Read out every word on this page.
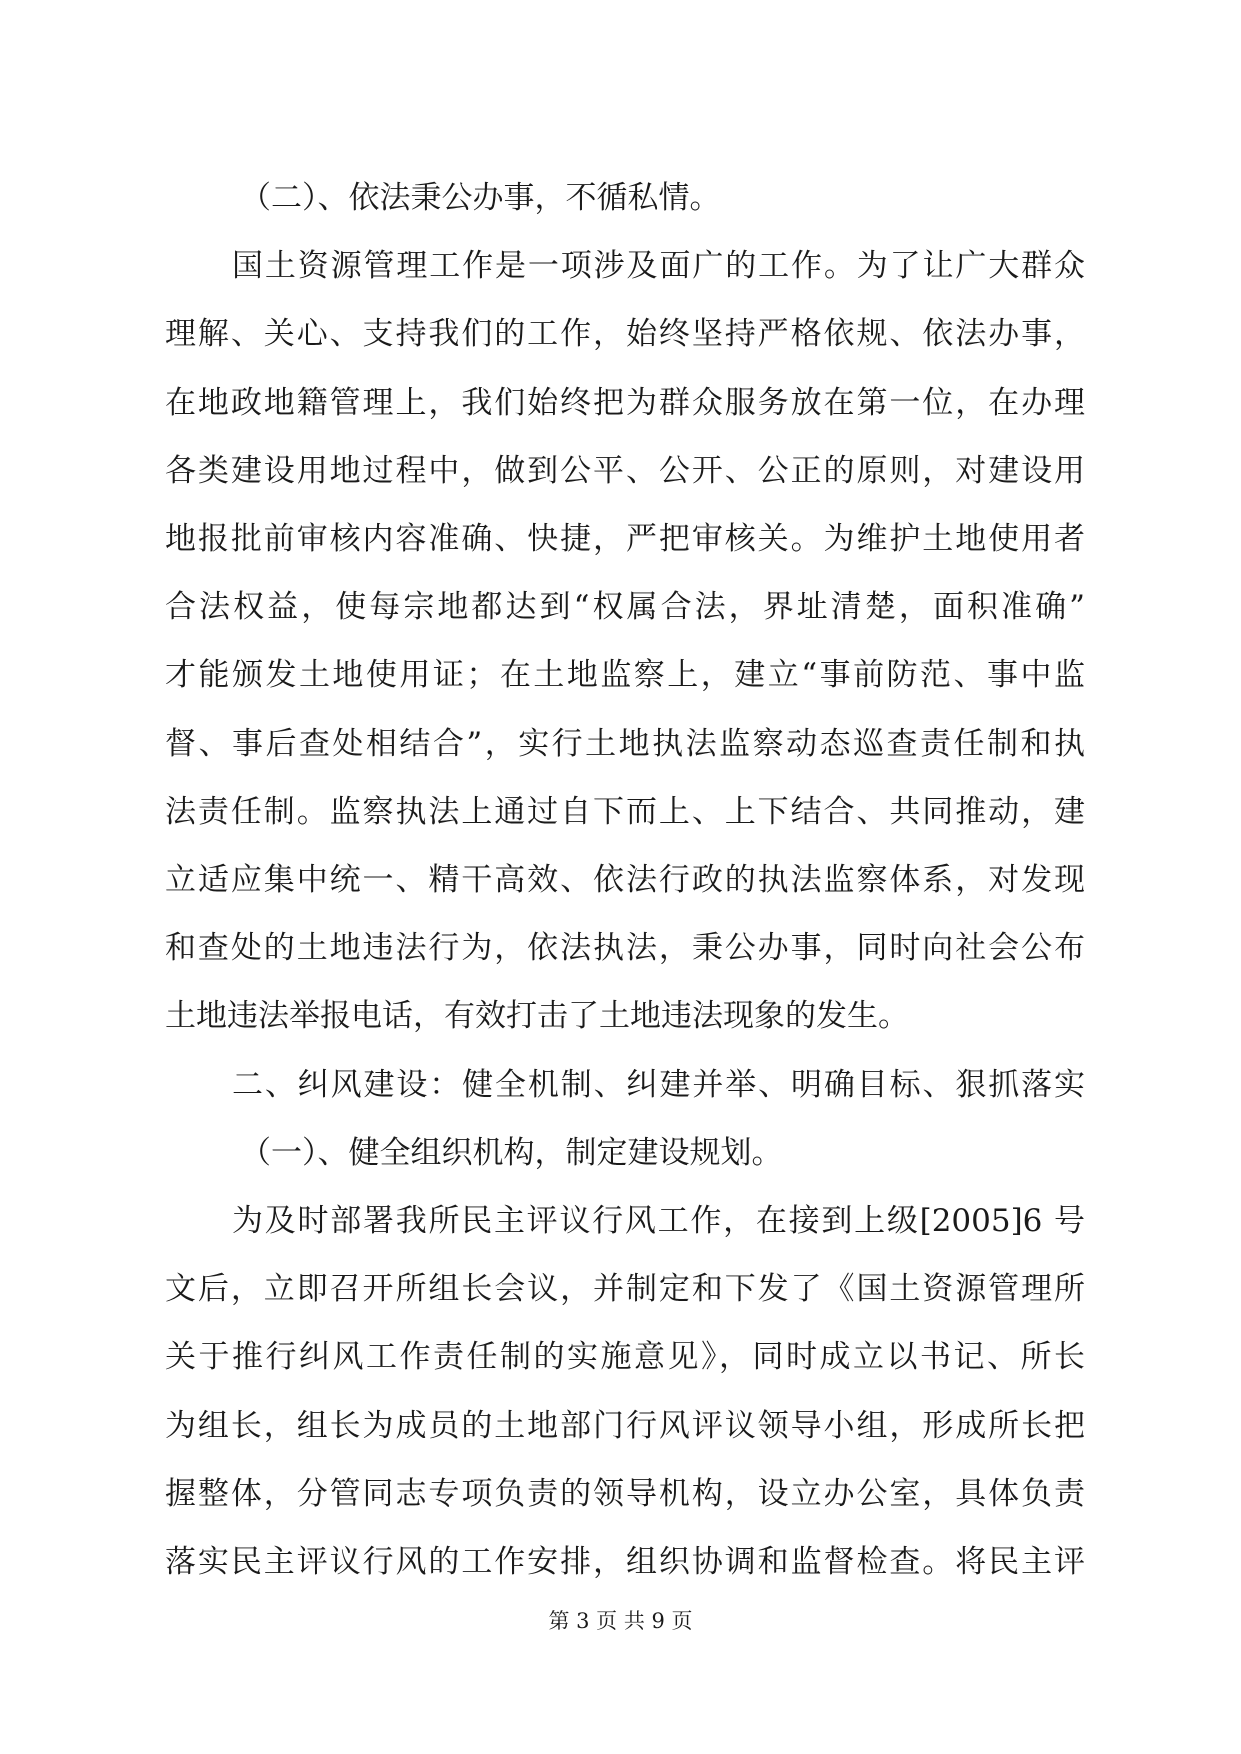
（二）、依法秉公办事，不循私情。
国土资源管理工作是一项涉及面广的工作。为了让广大群众
理解、关心、支持我们的工作，始终坚持严格依规、依法办事，
在地政地籍管理上，我们始终把为群众服务放在第一位，在办理
各类建设用地过程中，做到公平、公开、公正的原则，对建设用
地报批前审核内容准确、快捷，严把审核关。为维护土地使用者
合法权益，使每宗地都达到“权属合法，界址清楚，面积准确”
才能颁发土地使用证；在土地监察上，建立“事前防范、事中监
督、事后查处相结合”，实行土地执法监察动态巡查责任制和执
法责任制。监察执法上通过自下而上、上下结合、共同推动，建
立适应集中统一、精干高效、依法行政的执法监察体系，对发现
和查处的土地违法行为，依法执法，秉公办事，同时向社会公布
土地违法举报电话，有效打击了土地违法现象的发生。
二、纠风建设：健全机制、纠建并举、明确目标、狠抓落实
（一）、健全组织机构，制定建设规划。
为及时部署我所民主评议行风工作，在接到上级[2005]6 号
文后，立即召开所组长会议，并制定和下发了《国土资源管理所
关于推行纠风工作责任制的实施意见》，同时成立以书记、所长
为组长，组长为成员的土地部门行风评议领导小组，形成所长把
握整体，分管同志专项负责的领导机构，设立办公室，具体负责
落实民主评议行风的工作安排，组织协调和监督检查。将民主评
第 3 页 共 9 页
